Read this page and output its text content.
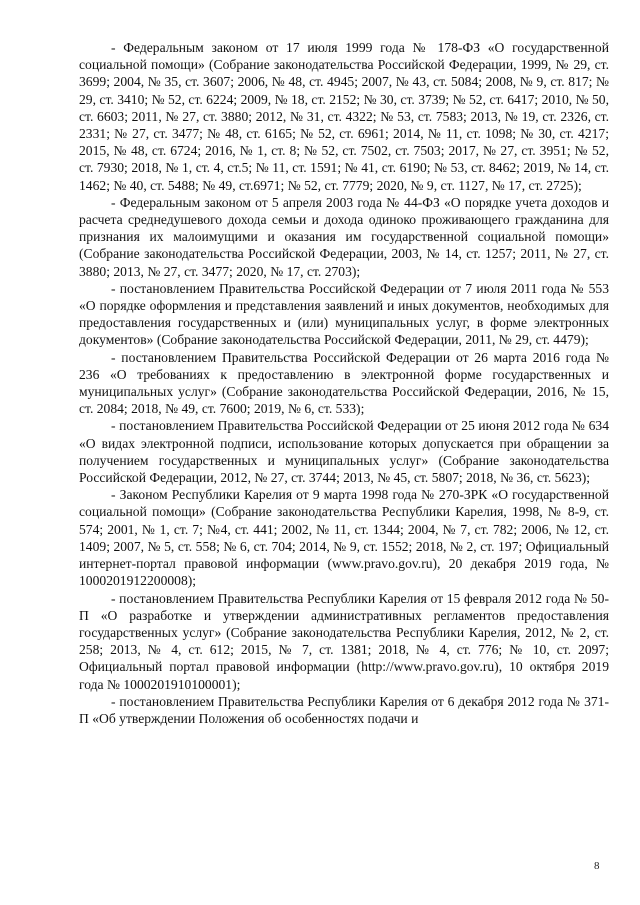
- Федеральным законом от 17 июля 1999 года № 178-ФЗ «О государственной социальной помощи» (Собрание законодательства Российской Федерации, 1999, № 29, ст. 3699; 2004, № 35, ст. 3607; 2006, № 48, ст. 4945; 2007, № 43, ст. 5084; 2008, № 9, ст. 817; № 29, ст. 3410; № 52, ст. 6224; 2009, № 18, ст. 2152; № 30, ст. 3739; № 52, ст. 6417; 2010, № 50, ст. 6603; 2011, № 27, ст. 3880; 2012, № 31, ст. 4322; № 53, ст. 7583; 2013, № 19, ст. 2326, ст. 2331; № 27, ст. 3477; № 48, ст. 6165; № 52, ст. 6961; 2014, № 11, ст. 1098; № 30, ст. 4217; 2015, № 48, ст. 6724; 2016, № 1, ст. 8; № 52, ст. 7502, ст. 7503; 2017, № 27, ст. 3951; № 52, ст. 7930; 2018, № 1, ст. 4, ст.5; № 11, ст. 1591; № 41, ст. 6190; № 53, ст. 8462; 2019, № 14, ст. 1462; № 40, ст. 5488; № 49, ст.6971; № 52, ст. 7779; 2020, № 9, ст. 1127, № 17, ст. 2725);

- Федеральным законом от 5 апреля 2003 года № 44-ФЗ «О порядке учета доходов и расчета среднедушевого дохода семьи и дохода одиноко проживающего гражданина для признания их малоимущими и оказания им государственной социальной помощи» (Собрание законодательства Российской Федерации, 2003, № 14, ст. 1257; 2011, № 27, ст. 3880; 2013, № 27, ст. 3477; 2020, № 17, ст. 2703);

- постановлением Правительства Российской Федерации от 7 июля 2011 года № 553 «О порядке оформления и представления заявлений и иных документов, необходимых для предоставления государственных и (или) муниципальных услуг, в форме электронных документов» (Собрание законодательства Российской Федерации, 2011, № 29, ст. 4479);

- постановлением Правительства Российской Федерации от 26 марта 2016 года № 236 «О требованиях к предоставлению в электронной форме государственных и муниципальных услуг» (Собрание законодательства Российской Федерации, 2016, № 15, ст. 2084; 2018, № 49, ст. 7600; 2019, № 6, ст. 533);

- постановлением Правительства Российской Федерации от 25 июня 2012 года № 634 «О видах электронной подписи, использование которых допускается при обращении за получением государственных и муниципальных услуг» (Собрание законодательства Российской Федерации, 2012, № 27, ст. 3744; 2013, № 45, ст. 5807; 2018, № 36, ст. 5623);

- Законом Республики Карелия от 9 марта 1998 года № 270-ЗРК «О государственной социальной помощи» (Собрание законодательства Республики Карелия, 1998, № 8-9, ст. 574; 2001, № 1, ст. 7; №4, ст. 441; 2002, № 11, ст. 1344; 2004, № 7, ст. 782; 2006, № 12, ст. 1409; 2007, № 5, ст. 558; № 6, ст. 704; 2014, № 9, ст. 1552; 2018, № 2, ст. 197; Официальный интернет-портал правовой информации (www.pravo.gov.ru), 20 декабря 2019 года, № 1000201912200008);

- постановлением Правительства Республики Карелия от 15 февраля 2012 года № 50-П «О разработке и утверждении административных регламентов предоставления государственных услуг» (Собрание законодательства Республики Карелия, 2012, № 2, ст. 258; 2013, № 4, ст. 612; 2015, № 7, ст. 1381; 2018, № 4, ст. 776; № 10, ст. 2097; Официальный портал правовой информации (http://www.pravo.gov.ru), 10 октября 2019 года № 1000201910100001);

- постановлением Правительства Республики Карелия от 6 декабря 2012 года № 371-П «Об утверждении Положения об особенностях подачи и

8
